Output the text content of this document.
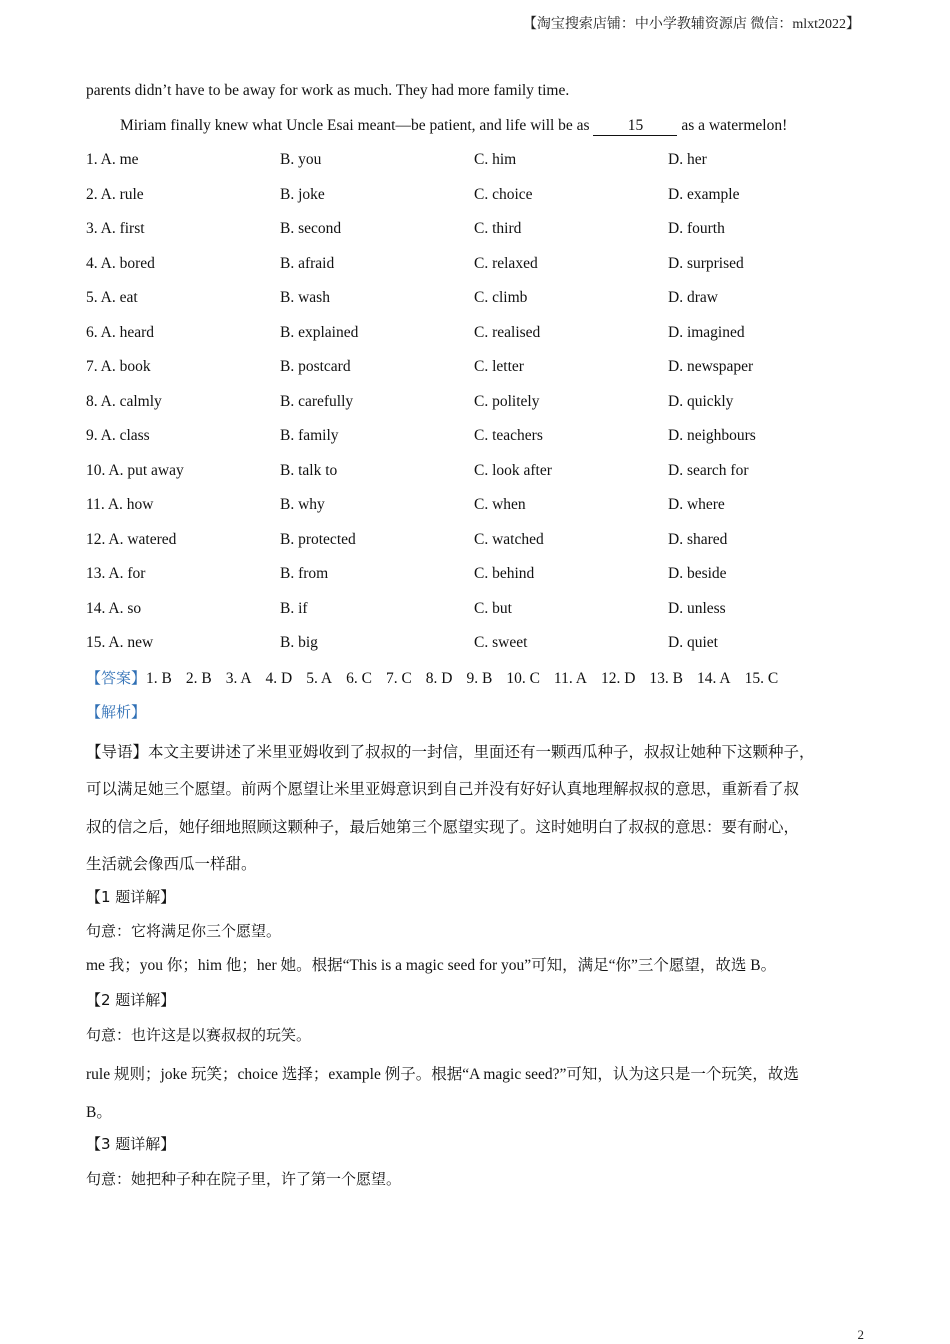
【淘宝搜索店铺：中小学教辅资源店 微信：mlxt2022】
parents didn’t have to be away for work as much. They had more family time.
Miriam finally knew what Uncle Esai meant—be patient, and life will be as 15 as a watermelon!
1. A. me	B. you	C. him	D. her
2. A. rule	B. joke	C. choice	D. example
3. A. first	B. second	C. third	D. fourth
4. A. bored	B. afraid	C. relaxed	D. surprised
5. A. eat	B. wash	C. climb	D. draw
6. A. heard	B. explained	C. realised	D. imagined
7. A. book	B. postcard	C. letter	D. newspaper
8. A. calmly	B. carefully	C. politely	D. quickly
9. A. class	B. family	C. teachers	D. neighbours
10. A. put away	B. talk to	C. look after	D. search for
11. A. how	B. why	C. when	D. where
12. A. watered	B. protected	C. watched	D. shared
13. A. for	B. from	C. behind	D. beside
14. A. so	B. if	C. but	D. unless
15. A. new	B. big	C. sweet	D. quiet
【答案】1. B 2. B 3. A 4. D 5. A 6. C 7. C 8. D 9. B 10. C 11. A 12. D 13. B 14. A 15. C
【解析】
【导语】本文主要讲述了米里亚姆收到了叔叔的一封信，里面还有一颗西瓜种子，叔叔让她种下这颗种子，
可以满足她三个愿望。前两个愿望让米里亚姆意识到自己并没有好好认真地理解叔叔的意思，重新看了叔
叔的信之后，她仔细地照顾这颗种子，最后她第三个愿望实现了。这时她明白了叔叔的意思：要有耐心，
生活就会像西瓜一样甜。
【1 题详解】
句意：它将满足你三个愿望。
me 我；you 你；him 他；her 她。根据“This is a magic seed for you”可知，满足“你”三个愿望，故选 B。
【2 题详解】
句意：也许这是以赛叔叔的玩笑。
rule 规则；joke 玩笑；choice 选择；example 例子。根据“A magic seed?”可知，认为这只是一个玩笑，故选
B。
【3 题详解】
句意：她把种子种在院子里，许了第一个愿望。
2
